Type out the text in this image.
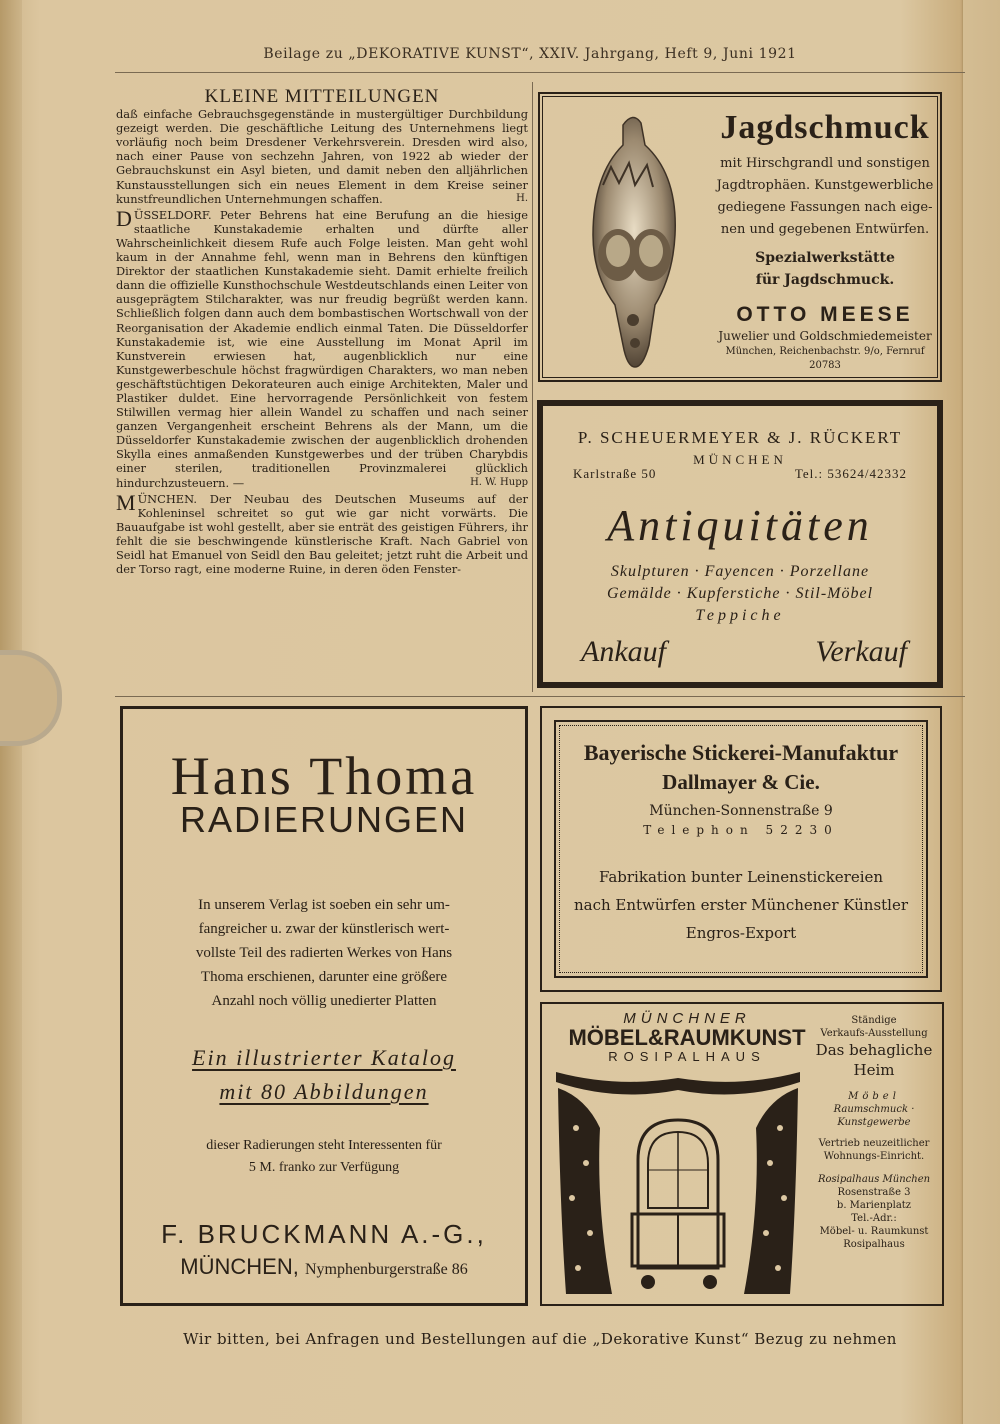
Beilage zu „DEKORATIVE KUNST“, XXIV. Jahrgang, Heft 9, Juni 1921
KLEINE MITTEILUNGEN

daß einfache Gebrauchsgegenstände in mustergültiger Durchbildung gezeigt werden. Die geschäftliche Leitung des Unternehmens liegt vorläufig noch beim Dresdener Verkehrsverein. Dresden wird also, nach einer Pause von sechzehn Jahren, von 1922 ab wieder der Gebrauchskunst ein Asyl bieten, und damit neben den alljährlichen Kunstausstellungen sich ein neues Element in dem Kreise seiner kunstfreundlichen Unternehmungen schaffen.	H.

DÜSSELDORF. Peter Behrens hat eine Berufung an die hiesige staatliche Kunstakademie erhalten und dürfte aller Wahrscheinlichkeit diesem Rufe auch Folge leisten. Man geht wohl kaum in der Annahme fehl, wenn man in Behrens den künftigen Direktor der staatlichen Kunstakademie sieht. Damit erhielte freilich dann die offizielle Kunsthochschule Westdeutschlands einen Leiter von ausgeprägtem Stilcharakter, was nur freudig begrüßt werden kann. Schließlich folgen dann auch dem bombastischen Wortschwall von der Reorganisation der Akademie endlich einmal Taten. Die Düsseldorfer Kunstakademie ist, wie eine Ausstellung im Monat April im Kunstverein erwiesen hat, augenblicklich nur eine Kunstgewerbeschule höchst fragwürdigen Charakters, wo man neben geschäftstüchtigen Dekorateuren auch einige Architekten, Maler und Plastiker duldet. Eine hervorragende Persönlichkeit von festem Stilwillen vermag hier allein Wandel zu schaffen und nach seiner ganzen Vergangenheit erscheint Behrens als der Mann, um die Düsseldorfer Kunstakademie zwischen der augenblicklich drohenden Skylla eines anmaßenden Kunstgewerbes und der trüben Charybdis einer sterilen, traditionellen Provinzmalerei glücklich hindurchzusteuern. —	H. W. Hupp

MÜNCHEN. Der Neubau des Deutschen Museums auf der Kohleninsel schreitet so gut wie gar nicht vorwärts. Die Bauaufgabe ist wohl gestellt, aber sie enträt des geistigen Führers, ihr fehlt die sie beschwingende künstlerische Kraft. Nach Gabriel von Seidl hat Emanuel von Seidl den Bau geleitet; jetzt ruht die Arbeit und der Torso ragt, eine moderne Ruine, in deren öden Fenster-

Jagdschmuck
mit Hirschgrandl und sonstigen
Jagdtrophäen. Kunstgewerbliche
gediegene Fassungen nach eige-
nen und gegebenen Entwürfen.
Spezialwerkstätte
für Jagdschmuck.
OTTO MEESE
Juwelier und Goldschmiedemeister
München, Reichenbachstr. 9/o, Fernruf 20783
P. SCHEUERMEYER & J. RÜCKERT
MÜNCHEN
Karlstraße 50	Tel.: 53624/42332
Antiquitäten
Skulpturen · Fayencen · Porzellane
Gemälde · Kupferstiche · Stil-Möbel
Teppiche
Ankauf	Verkauf
Bayerische Stickerei-Manufaktur
Dallmayer & Cie.
München-Sonnenstraße 9
Telephon 52230
Fabrikation bunter Leinenstickereien
nach Entwürfen erster Münchener Künstler
Engros-Export
MÜNCHNER
MÖBEL&RAUMKUNST
ROSIPALHAUS
Ständige
Verkaufs-Ausstellung
Das behagliche
Heim
Möbel
Raumschmuck ·
Kunstgewerbe
Vertrieb neuzeitlicher
Wohnungs-Einricht.
Rosipalhaus München
Rosenstraße 3
b. Marienplatz
Tel.-Adr.:
Möbel- u. Raumkunst
Rosipalhaus
Hans Thoma
RADIERUNGEN
In unserem Verlag ist soeben ein sehr um-
fangreicher u. zwar der künstlerisch wert-
vollste Teil des radierten Werkes von Hans
Thoma erschienen, darunter eine größere
Anzahl noch völlig unedierter Platten
Ein illustrierter Katalog
mit 80 Abbildungen
dieser Radierungen steht Interessenten für
5 M. franko zur Verfügung
F. BRUCKMANN A.-G.,
MÜNCHEN, Nymphenburgerstraße 86
Wir bitten, bei Anfragen und Bestellungen auf die „Dekorative Kunst“ Bezug zu nehmen
